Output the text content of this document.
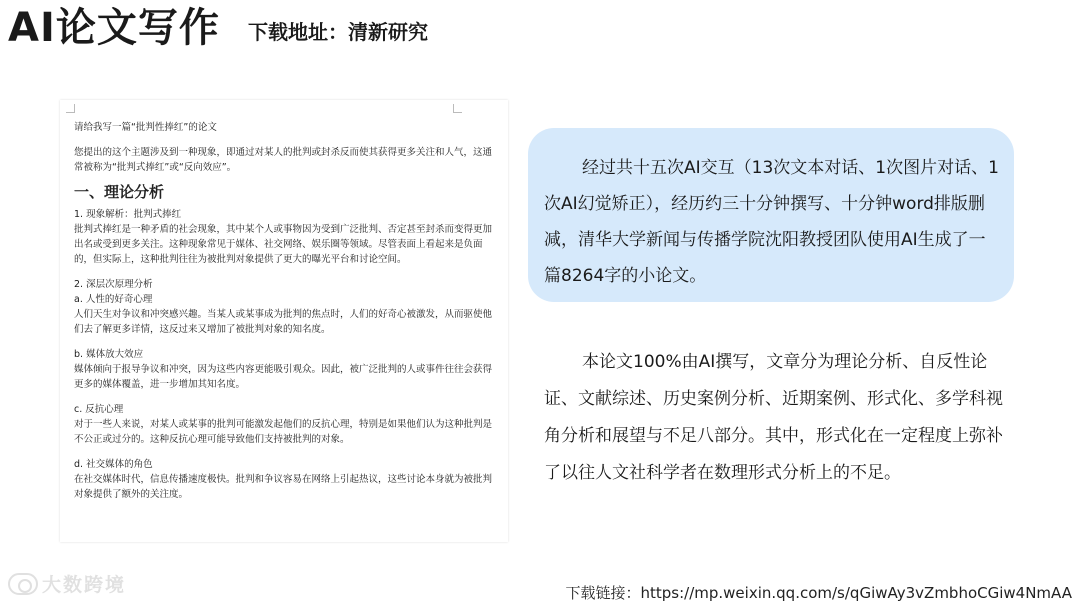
AI论文写作 下载地址：清新研究

请给我写一篇“批判性捧红”的论文

您提出的这个主题涉及到一种现象，即通过对某人的批判或封杀反而使其获得更多关注和人气，这通常被称为“批判式捧红”或“反向效应”。

一、理论分析

1. 现象解析：批判式捧红

批判式捧红是一种矛盾的社会现象，其中某个人或事物因为受到广泛批判、否定甚至封杀而变得更加出名或受到更多关注。这种现象常见于媒体、社交网络、娱乐圈等领域。尽管表面上看起来是负面的，但实际上，这种批判往往为被批判对象提供了更大的曝光平台和讨论空间。

2. 深层次原理分析

a. 人性的好奇心理

人们天生对争议和冲突感兴趣。当某人或某事成为批判的焦点时，人们的好奇心被激发，从而驱使他们去了解更多详情，这反过来又增加了被批判对象的知名度。

b. 媒体放大效应

媒体倾向于报导争议和冲突，因为这些内容更能吸引观众。因此，被广泛批判的人或事件往往会获得更多的媒体覆盖，进一步增加其知名度。

c. 反抗心理

对于一些人来说，对某人或某事的批判可能激发起他们的反抗心理，特别是如果他们认为这种批判是不公正或过分的。这种反抗心理可能导致他们支持被批判的对象。

d. 社交媒体的角色

在社交媒体时代，信息传播速度极快。批判和争议容易在网络上引起热议，这些讨论本身就为被批判对象提供了额外的关注度。

经过共十五次AI交互（13次文本对话、1次图片对话、1次AI幻觉矫正），经历约三十分钟撰写、十分钟word排版删减，清华大学新闻与传播学院沈阳教授团队使用AI生成了一篇8264字的小论文。
本论文100%由AI撰写，文章分为理论分析、自反性论证、文献综述、历史案例分析、近期案例、形式化、多学科视角分析和展望与不足八部分。其中，形式化在一定程度上弥补了以往人文社科学者在数理形式分析上的不足。
大数跨境	下载链接：https://mp.weixin.qq.com/s/qGiwAy3vZmbhoCGiw4NmAA
